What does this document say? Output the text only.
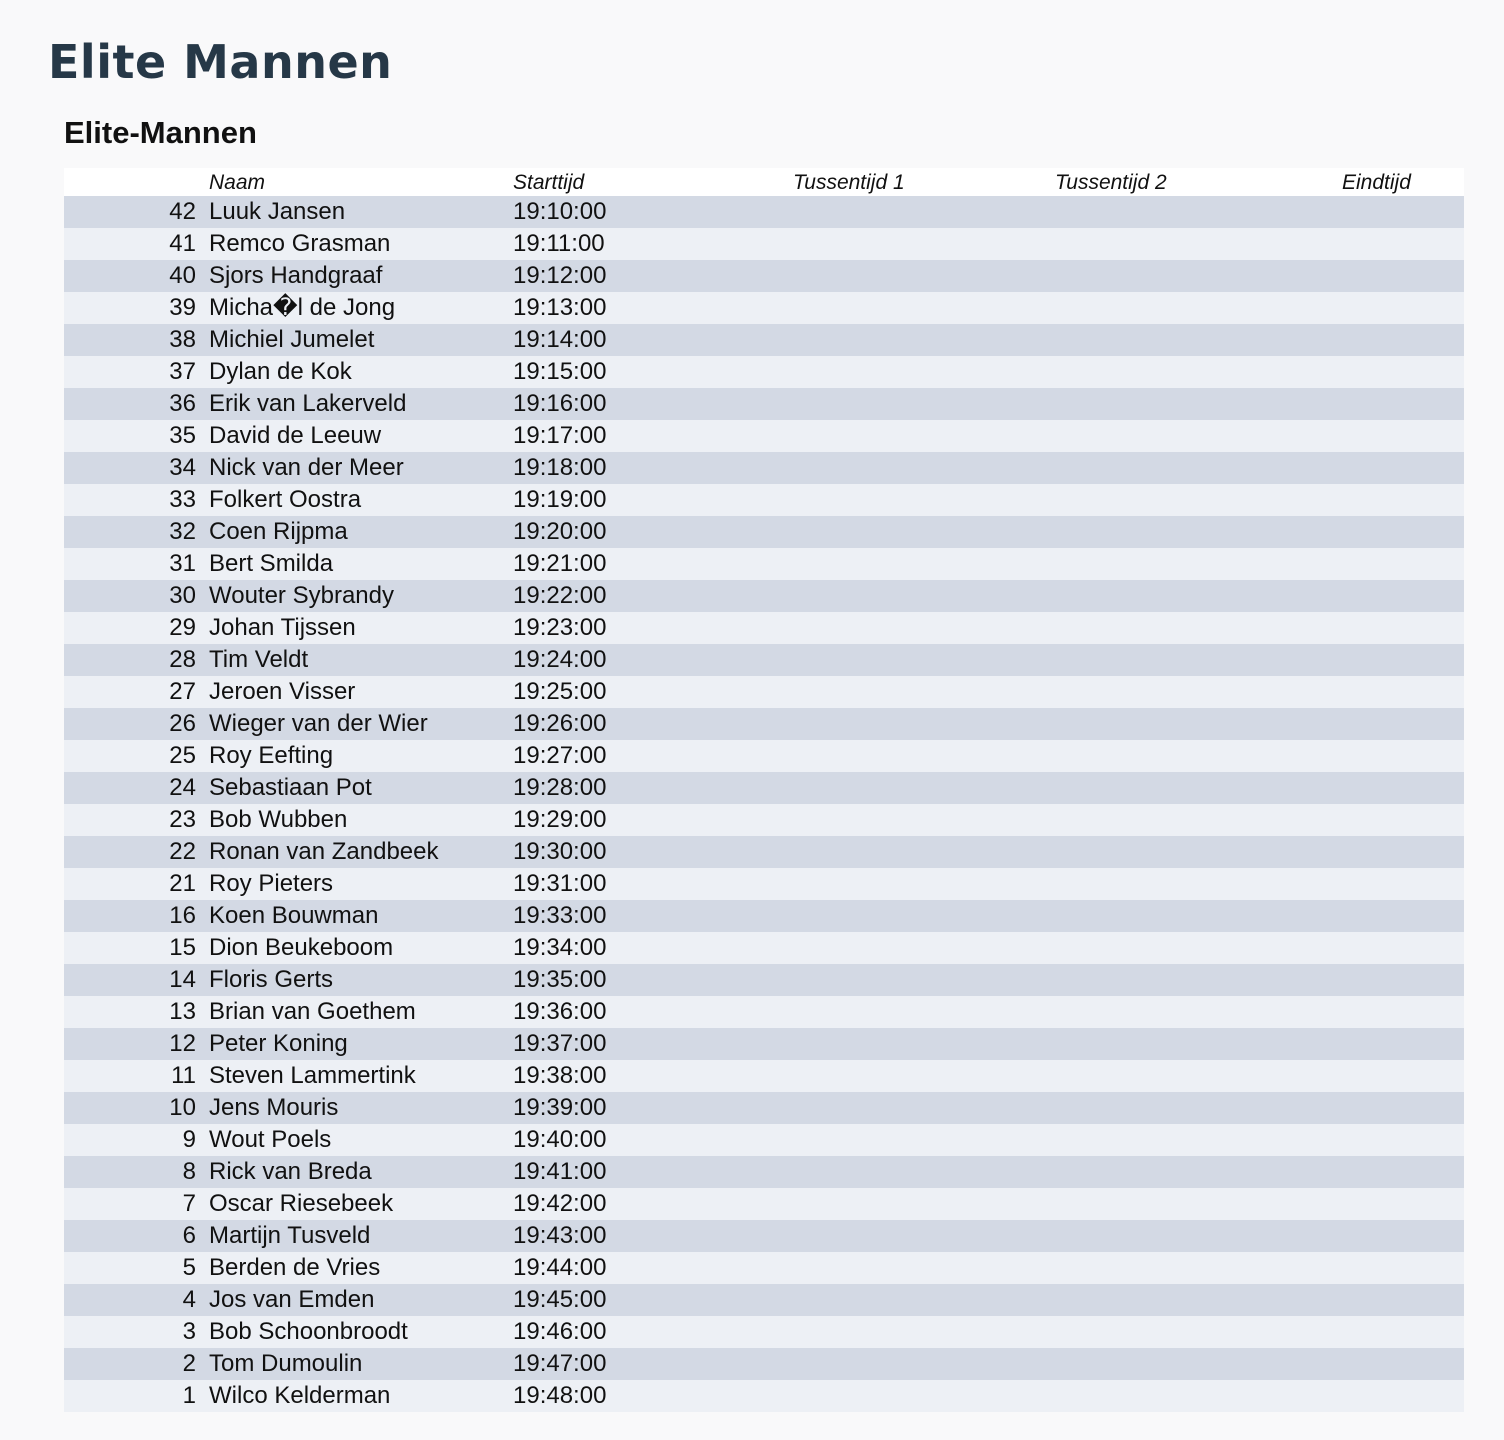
Elite Mannen
Elite-Mannen
	Naam	Starttijd	Tussentijd 1	Tussentijd 2	Eindtijd
42	Luuk Jansen	19:10:00			
41	Remco Grasman	19:11:00			
40	Sjors Handgraaf	19:12:00			
39	Micha�l de Jong	19:13:00			
38	Michiel Jumelet	19:14:00			
37	Dylan de Kok	19:15:00			
36	Erik van Lakerveld	19:16:00			
35	David de Leeuw	19:17:00			
34	Nick van der Meer	19:18:00			
33	Folkert Oostra	19:19:00			
32	Coen Rijpma	19:20:00			
31	Bert Smilda	19:21:00			
30	Wouter Sybrandy	19:22:00			
29	Johan Tijssen	19:23:00			
28	Tim Veldt	19:24:00			
27	Jeroen Visser	19:25:00			
26	Wieger van der Wier	19:26:00			
25	Roy Eefting	19:27:00			
24	Sebastiaan Pot	19:28:00			
23	Bob Wubben	19:29:00			
22	Ronan van Zandbeek	19:30:00			
21	Roy Pieters	19:31:00			
16	Koen Bouwman	19:33:00			
15	Dion Beukeboom	19:34:00			
14	Floris Gerts	19:35:00			
13	Brian van Goethem	19:36:00			
12	Peter Koning	19:37:00			
11	Steven Lammertink	19:38:00			
10	Jens Mouris	19:39:00			
9	Wout Poels	19:40:00			
8	Rick van Breda	19:41:00			
7	Oscar Riesebeek	19:42:00			
6	Martijn Tusveld	19:43:00			
5	Berden de Vries	19:44:00			
4	Jos van Emden	19:45:00			
3	Bob Schoonbroodt	19:46:00			
2	Tom Dumoulin	19:47:00			
1	Wilco Kelderman	19:48:00			
